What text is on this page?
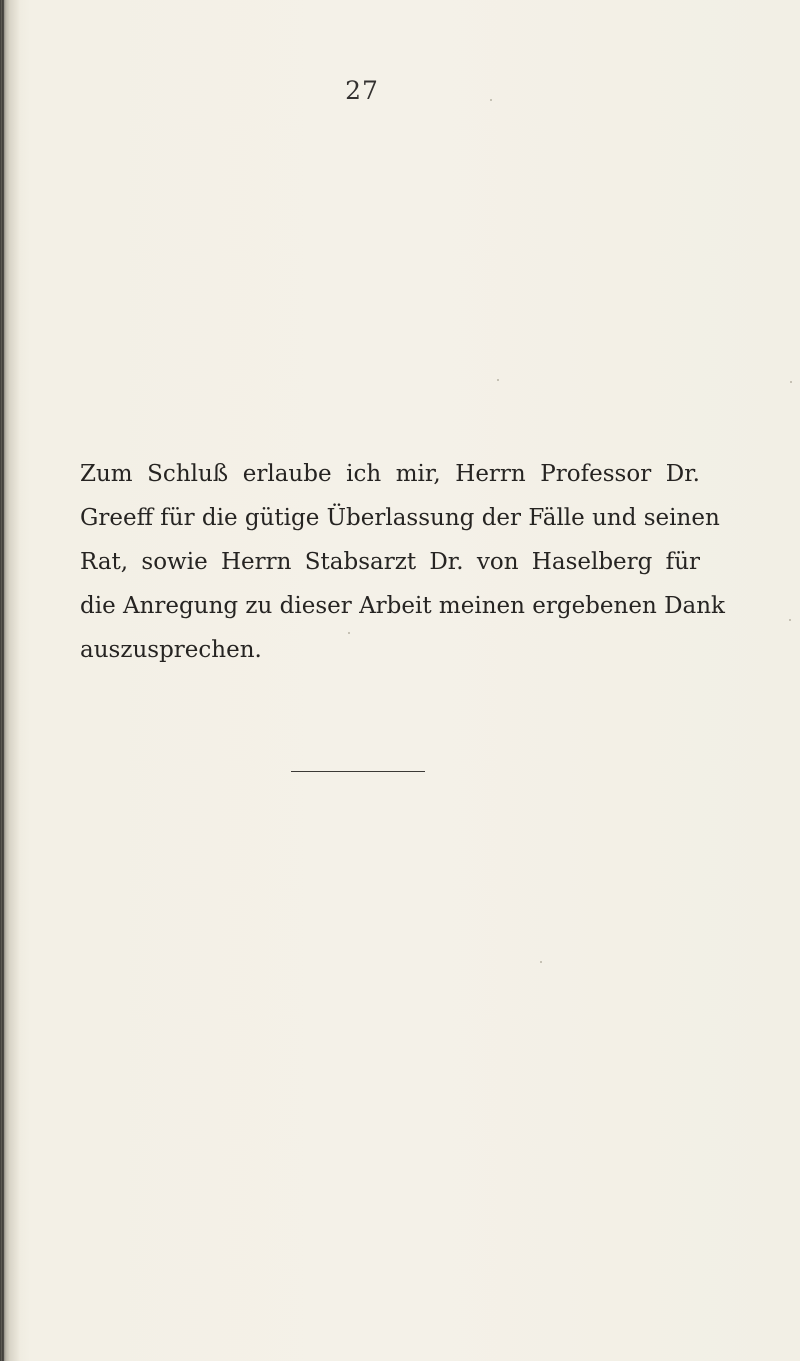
27
Zum Schluß erlaube ich mir, Herrn Professor Dr.
Greeff für die gütige Überlassung der Fälle und seinen
Rat, sowie Herrn Stabsarzt Dr. von Haselberg für
die Anregung zu dieser Arbeit meinen ergebenen Dank
auszusprechen.
